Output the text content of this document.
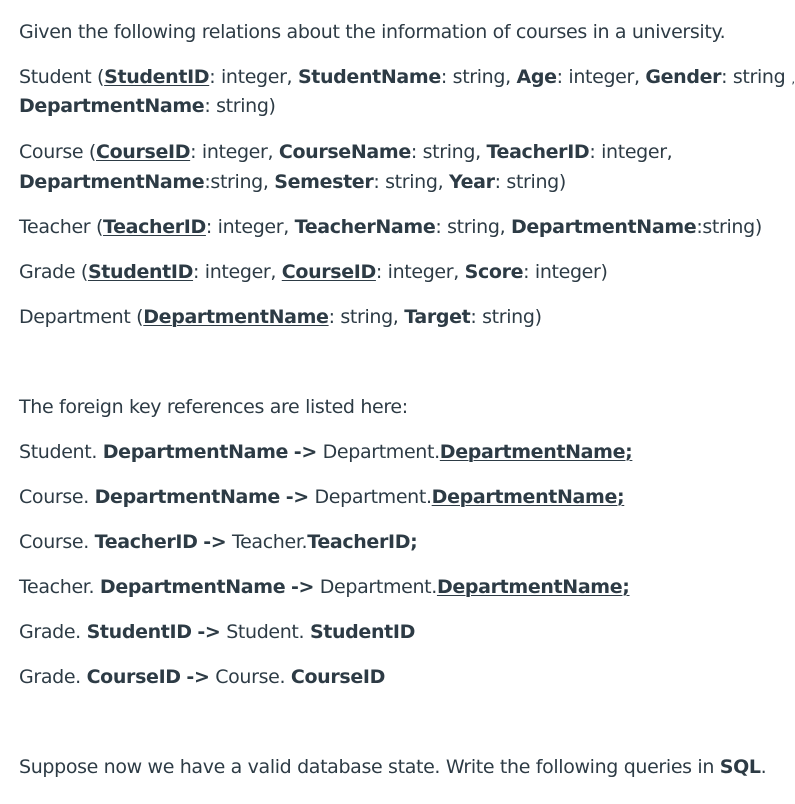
Given the following relations about the information of courses in a university.
Student (StudentID: integer, StudentName: string, Age: integer, Gender: string ,
DepartmentName: string)
Course (CourseID: integer, CourseName: string, TeacherID: integer,
DepartmentName:string, Semester: string, Year: string)
Teacher (TeacherID: integer, TeacherName: string, DepartmentName:string)
Grade (StudentID: integer, CourseID: integer, Score: integer)
Department (DepartmentName: string, Target: string)
The foreign key references are listed here:
Student. DepartmentName -> Department.DepartmentName;
Course. DepartmentName -> Department.DepartmentName;
Course. TeacherID -> Teacher.TeacherID;
Teacher. DepartmentName -> Department.DepartmentName;
Grade. StudentID -> Student. StudentID
Grade. CourseID -> Course. CourseID
Suppose now we have a valid database state. Write the following queries in SQL.
